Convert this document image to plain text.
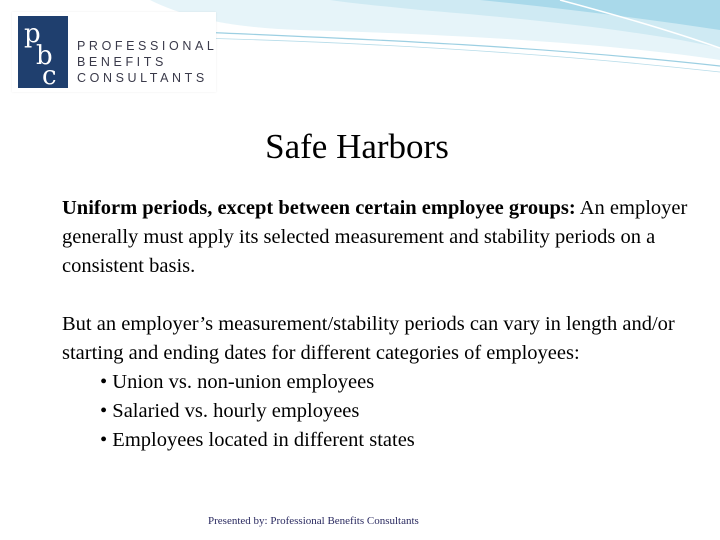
p
b
c
PROFESSIONAL
BENEFITS
CONSULTANTS
Safe Harbors

Uniform periods, except between certain employee groups: An employer generally must apply its selected measurement and stability periods on a consistent basis.

But an employer’s measurement/stability periods can vary in length and/or starting and ending dates for different categories of employees:

• Union vs. non-union employees

• Salaried vs. hourly employees

• Employees located in different states

Presented by: Professional Benefits Consultants
